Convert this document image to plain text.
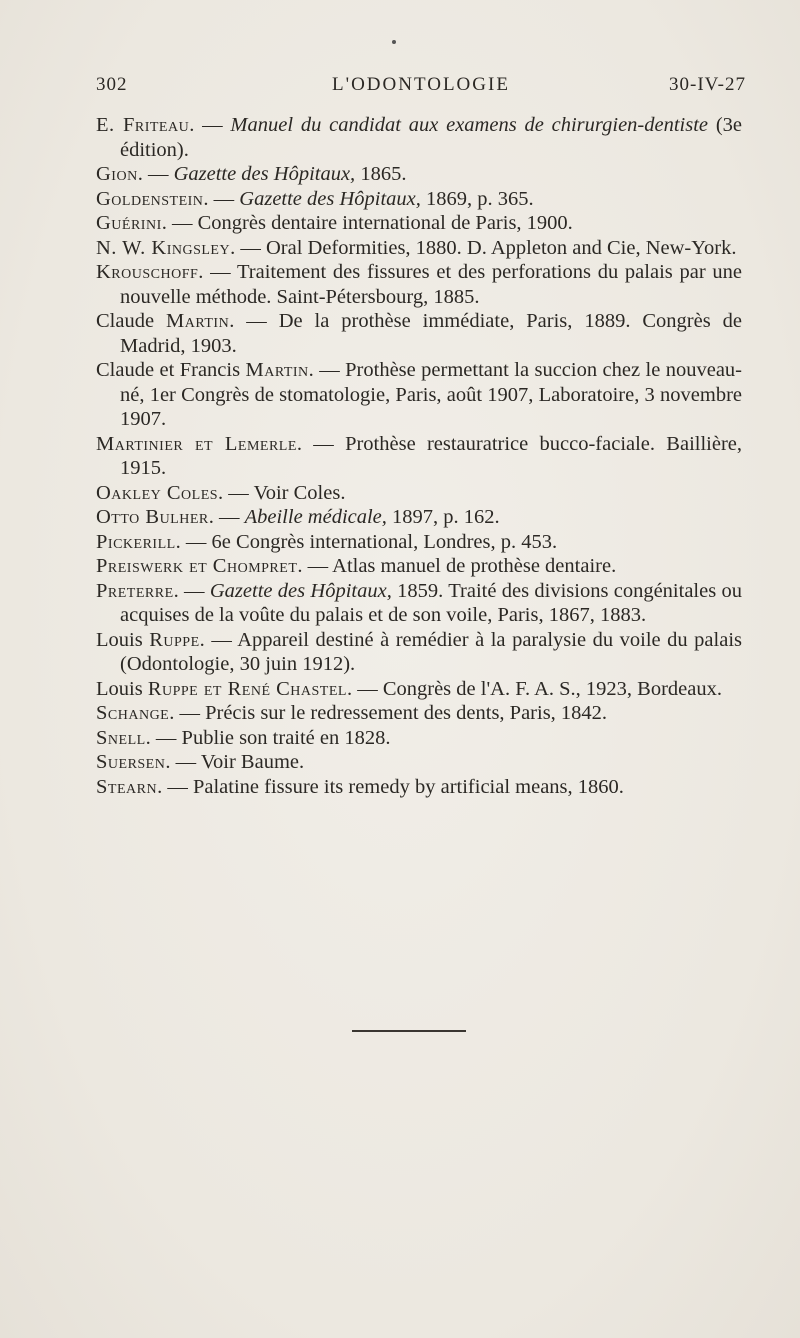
302	L'ODONTOLOGIE	30-IV-27
E. Friteau. — Manuel du candidat aux examens de chirurgien-dentiste (3e édition).
Gion. — Gazette des Hôpitaux, 1865.
Goldenstein. — Gazette des Hôpitaux, 1869, p. 365.
Guérini. — Congrès dentaire international de Paris, 1900.
N. W. Kingsley. — Oral Deformities, 1880. D. Appleton and Cie, New-York.
Krouschoff. — Traitement des fissures et des perforations du palais par une nouvelle méthode. Saint-Pétersbourg, 1885.
Claude Martin. — De la prothèse immédiate, Paris, 1889. Congrès de Madrid, 1903.
Claude et Francis Martin. — Prothèse permettant la succion chez le nouveau-né, 1er Congrès de stomatologie, Paris, août 1907, Laboratoire, 3 novembre 1907.
Martinier et Lemerle. — Prothèse restauratrice bucco-faciale. Baillière, 1915.
Oakley Coles. — Voir Coles.
Otto Bulher. — Abeille médicale, 1897, p. 162.
Pickerill. — 6e Congrès international, Londres, p. 453.
Preiswerk et Chompret. — Atlas manuel de prothèse dentaire.
Preterre. — Gazette des Hôpitaux, 1859. Traité des divisions congénitales ou acquises de la voûte du palais et de son voile, Paris, 1867, 1883.
Louis Ruppe. — Appareil destiné à remédier à la paralysie du voile du palais (Odontologie, 30 juin 1912).
Louis Ruppe et René Chastel. — Congrès de l'A. F. A. S., 1923, Bordeaux.
Schange. — Précis sur le redressement des dents, Paris, 1842.
Snell. — Publie son traité en 1828.
Suersen. — Voir Baume.
Stearn. — Palatine fissure its remedy by artificial means, 1860.
